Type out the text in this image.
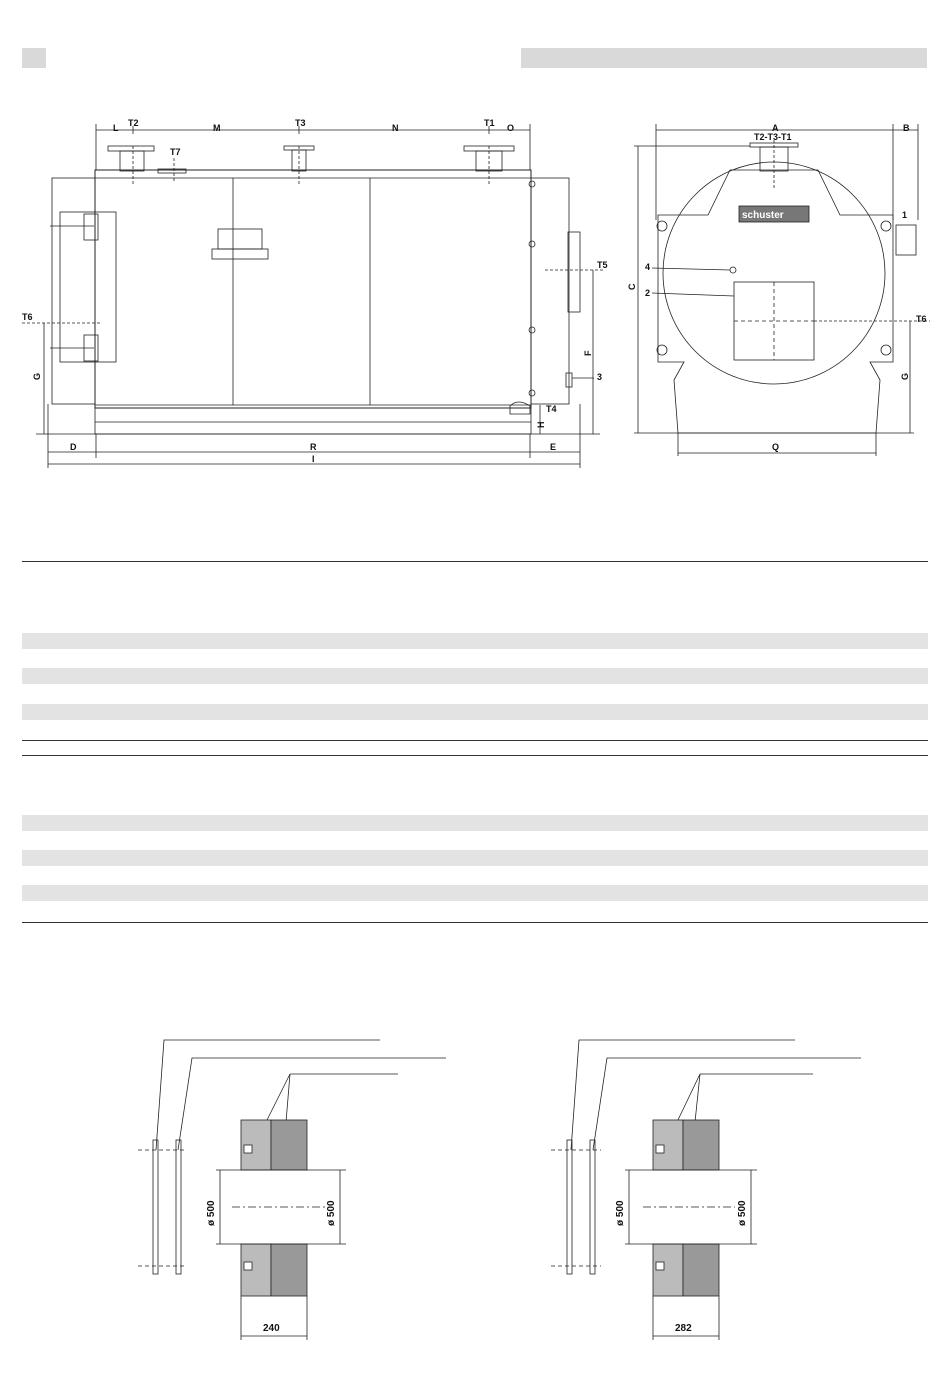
L T2	M	T3	N	T1 O
T7
T5
F
3
T4
H
T6
G
D	R	E
I
A	B
T2-T3-T1
schuster	1
4
2
T6
C
G
Q
ø 500	ø 500
240
ø 500	ø 500
282
